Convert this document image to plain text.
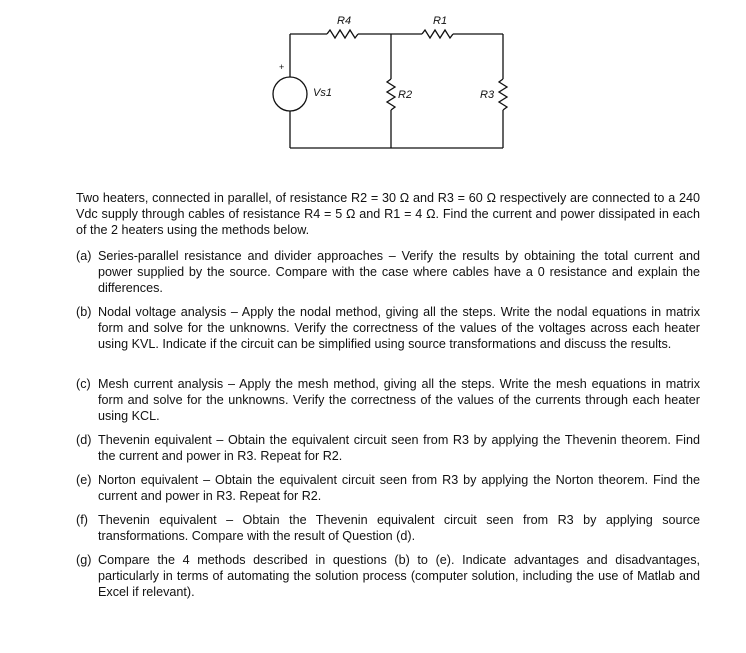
R4	R1
Vs1	R2	R3
+
Two heaters, connected in parallel, of resistance R2 = 30 Ω and R3 = 60 Ω respectively are connected to a 240 Vdc supply through cables of resistance R4 = 5 Ω and R1 = 4 Ω. Find the current and power dissipated in each of the 2 heaters using the methods below.
(a) Series-parallel resistance and divider approaches – Verify the results by obtaining the total current and power supplied by the source. Compare with the case where cables have a 0 resistance and explain the differences.
(b) Nodal voltage analysis – Apply the nodal method, giving all the steps. Write the nodal equations in matrix form and solve for the unknowns. Verify the correctness of the values of the voltages across each heater using KVL. Indicate if the circuit can be simplified using source transformations and discuss the results.
(c) Mesh current analysis – Apply the mesh method, giving all the steps. Write the mesh equations in matrix form and solve for the unknowns. Verify the correctness of the values of the currents through each heater using KCL.
(d) Thevenin equivalent – Obtain the equivalent circuit seen from R3 by applying the Thevenin theorem. Find the current and power in R3. Repeat for R2.
(e) Norton equivalent – Obtain the equivalent circuit seen from R3 by applying the Norton theorem. Find the current and power in R3. Repeat for R2.
(f) Thevenin equivalent – Obtain the Thevenin equivalent circuit seen from R3 by applying source transformations. Compare with the result of Question (d).
(g) Compare the 4 methods described in questions (b) to (e). Indicate advantages and disadvantages, particularly in terms of automating the solution process (computer solution, including the use of Matlab and Excel if relevant).
